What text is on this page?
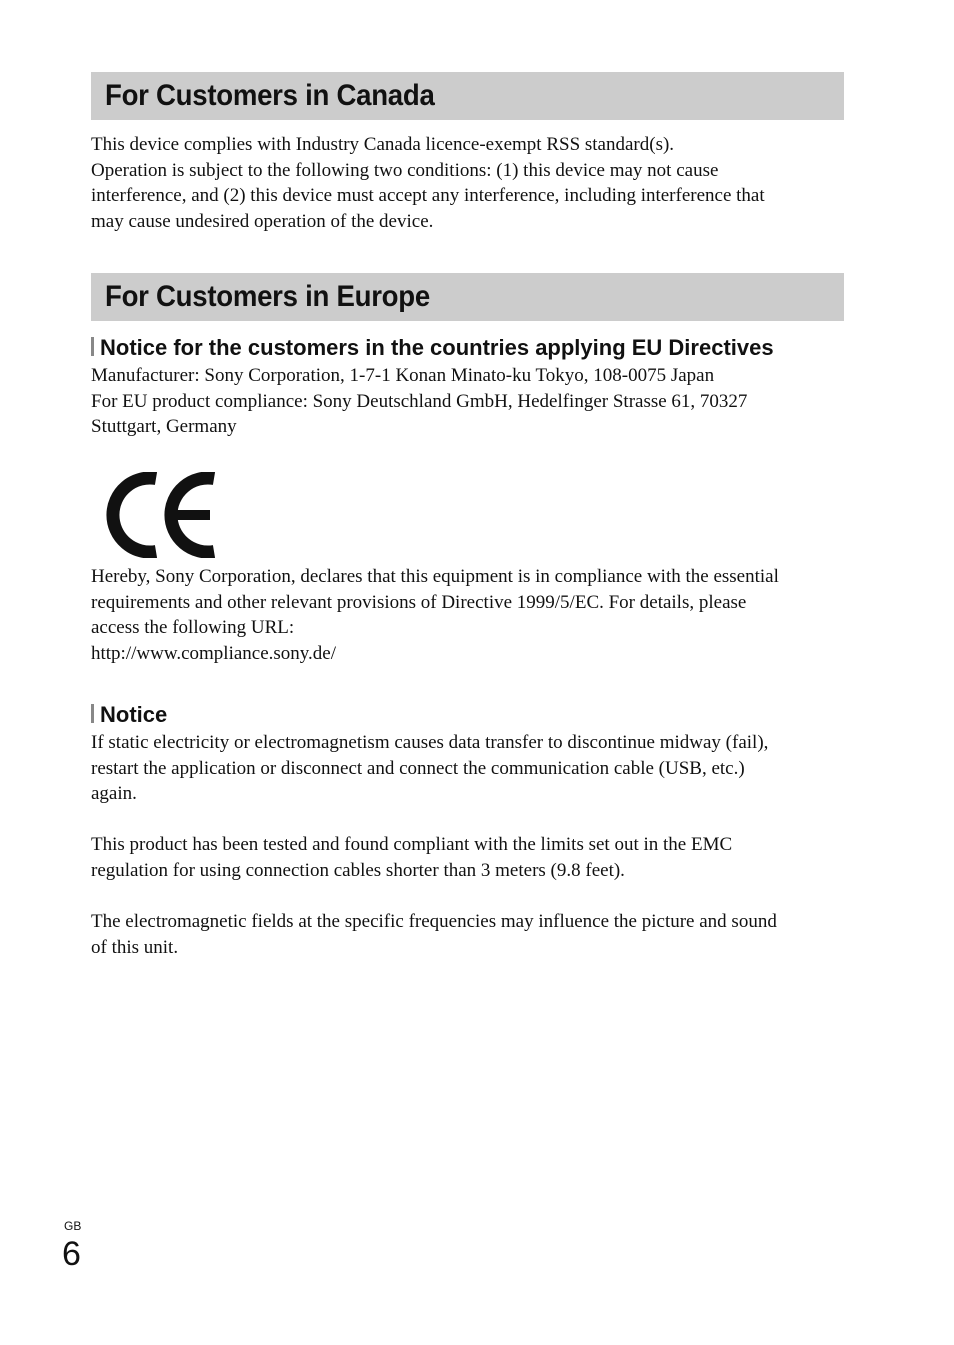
For Customers in Canada

This device complies with Industry Canada licence-exempt RSS standard(s).
Operation is subject to the following two conditions: (1) this device may not cause
interference, and (2) this device must accept any interference, including interference that
may cause undesired operation of the device.

For Customers in Europe
Notice for the customers in the countries applying EU Directives

Manufacturer: Sony Corporation, 1-7-1 Konan Minato-ku Tokyo, 108-0075 Japan
For EU product compliance: Sony Deutschland GmbH, Hedelfinger Strasse 61, 70327
Stuttgart, Germany

Hereby, Sony Corporation, declares that this equipment is in compliance with the essential
requirements and other relevant provisions of Directive 1999/5/EC. For details, please
access the following URL:
http://www.compliance.sony.de/

Notice

If static electricity or electromagnetism causes data transfer to discontinue midway (fail),
restart the application or disconnect and connect the communication cable (USB, etc.)
again.

This product has been tested and found compliant with the limits set out in the EMC
regulation for using connection cables shorter than 3 meters (9.8 feet).

The electromagnetic fields at the specific frequencies may influence the picture and sound
of this unit.

GB
6
